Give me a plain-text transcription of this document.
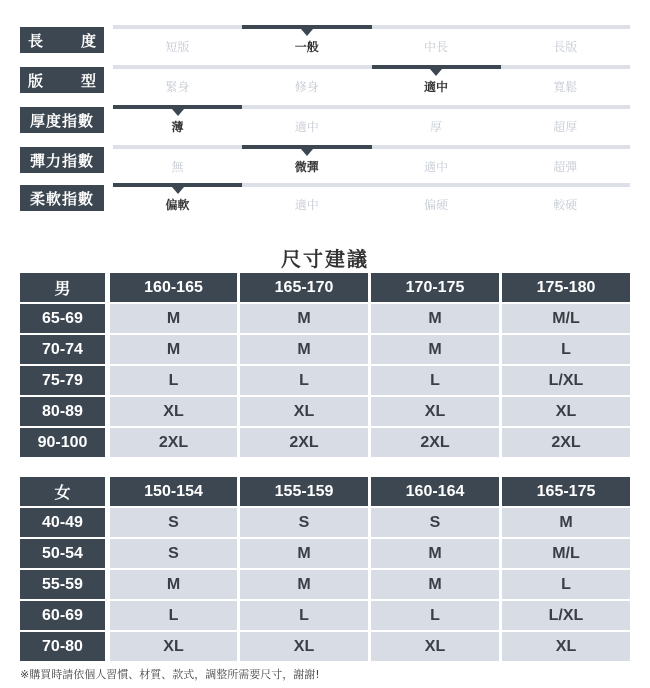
長	度	短版	一般	中長	長版
版	型	緊身	修身	適中	寬鬆
厚度指數	薄	適中	厚	超厚
彈力指數	無	微彈	適中	超彈
柔軟指數	偏軟	適中	偏硬	較硬
尺寸建議
男	160-165	165-170	170-175	175-180
65-69	M	M	M	M/L
70-74	M	M	M	L
75-79	L	L	L	L/XL
80-89	XL	XL	XL	XL
90-100	2XL	2XL	2XL	2XL
女	150-154	155-159	160-164	165-175
40-49	S	S	S	M
50-54	S	M	M	M/L
55-59	M	M	M	L
60-69	L	L	L	L/XL
70-80	XL	XL	XL	XL
※購買時請依個人習慣、材質、款式，調整所需要尺寸，謝謝!
